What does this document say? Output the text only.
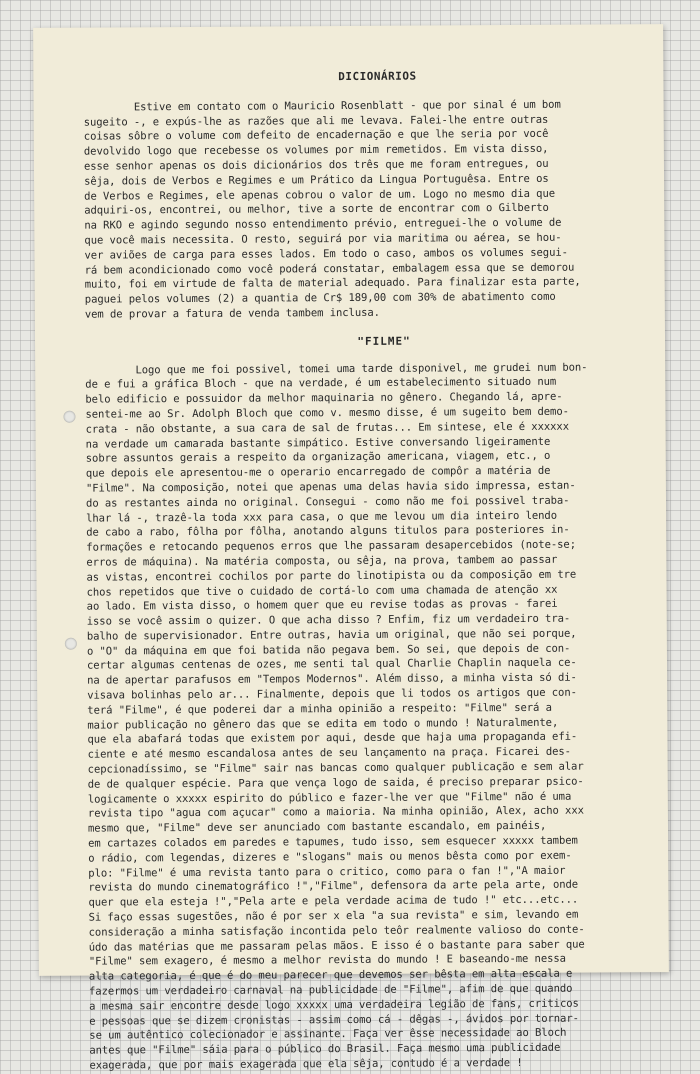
DICIONÁRIOS
Estive em contato com o Mauricio Rosenblatt - que por sinal é um bom
sugeito -, e expús-lhe as razões que ali me levava. Falei-lhe entre outras
coisas sôbre o volume com defeito de encadernação e que lhe seria por você
devolvido logo que recebesse os volumes por mim remetidos. Em vista disso,
esse senhor apenas os dois dicionários dos três que me foram entregues, ou
sêja, dois de Verbos e Regimes e um Prático da Lingua Portuguêsa. Entre os
de Verbos e Regimes, ele apenas cobrou o valor de um. Logo no mesmo dia que
adquiri-os, encontrei, ou melhor, tive a sorte de encontrar com o Gilberto
na RKO e agindo segundo nosso entendimento prévio, entreguei-lhe o volume de
que você mais necessita. O resto, seguirá por via maritima ou aérea, se hou-
ver aviões de carga para esses lados. Em todo o caso, ambos os volumes segui-
rá bem acondicionado como você poderá constatar, embalagem essa que se demorou
muito, foi em virtude de falta de material adequado. Para finalizar esta parte,
paguei pelos volumes (2) a quantia de Cr$ 189,00 com 30% de abatimento como
vem de provar a fatura de venda tambem inclusa.
"FILME"
Logo que me foi possivel, tomei uma tarde disponivel, me grudei num bon-
de e fui a gráfica Bloch - que na verdade, é um estabelecimento situado num
belo edificio e possuidor da melhor maquinaria no gênero. Chegando lá, apre-
sentei-me ao Sr. Adolph Bloch que como v. mesmo disse, é um sugeito bem demo-
crata - não obstante, a sua cara de sal de frutas... Em sintese, ele é xxxxxx
na verdade um camarada bastante simpático. Estive conversando ligeiramente
sobre assuntos gerais a respeito da organização americana, viagem, etc., o
que depois ele apresentou-me o operario encarregado de compôr a matéria de
"Filme". Na composição, notei que apenas uma delas havia sido impressa, estan-
do as restantes ainda no original. Consegui - como não me foi possivel traba-
lhar lá -, trazê-la toda xxx para casa, o que me levou um dia inteiro lendo
de cabo a rabo, fôlha por fôlha, anotando alguns titulos para posteriores in-
formações e retocando pequenos erros que lhe passaram desapercebidos (note-se;
erros de máquina). Na matéria composta, ou sêja, na prova, tambem ao passar
as vistas, encontrei cochilos por parte do linotipista ou da composição em tre
chos repetidos que tive o cuidado de cortá-lo com uma chamada de atenção xx
ao lado. Em vista disso, o homem quer que eu revise todas as provas - farei
isso se você assim o quizer. O que acha disso ? Enfim, fiz um verdadeiro tra-
balho de supervisionador. Entre outras, havia um original, que não sei porque,
o "O" da máquina em que foi batida não pegava bem. So sei, que depois de con-
certar algumas centenas de ozes, me senti tal qual Charlie Chaplin naquela ce-
na de apertar parafusos em "Tempos Modernos". Além disso, a minha vista só di-
visava bolinhas pelo ar... Finalmente, depois que li todos os artigos que con-
terá "Filme", é que poderei dar a minha opinião a respeito: "Filme" será a
maior publicação no gênero das que se edita em todo o mundo ! Naturalmente,
que ela abafará todas que existem por aqui, desde que haja uma propaganda efi-
ciente e até mesmo escandalosa antes de seu lançamento na praça. Ficarei des-
cepcionadíssimo, se "Filme" sair nas bancas como qualquer publicação e sem alar
de de qualquer espécie. Para que vença logo de saida, é preciso preparar psico-
logicamente o xxxxx espirito do público e fazer-lhe ver que "Filme" não é uma
revista tipo "agua com açucar" como a maioria. Na minha opinião, Alex, acho xxx
mesmo que, "Filme" deve ser anunciado com bastante escandalo, em painéis,
em cartazes colados em paredes e tapumes, tudo isso, sem esquecer xxxxx tambem
o rádio, com legendas, dizeres e "slogans" mais ou menos bêsta como por exem-
plo: "Filme" é uma revista tanto para o critico, como para o fan !","A maior
revista do mundo cinematográfico !","Filme", defensora da arte pela arte, onde
quer que ela esteja !","Pela arte e pela verdade acima de tudo !" etc...etc...
Si faço essas sugestões, não é por ser x ela "a sua revista" e sim, levando em
consideração a minha satisfação incontida pelo teôr realmente valioso do conte-
údo das matérias que me passaram pelas mãos. E isso é o bastante para saber que
"Filme" sem exagero, é mesmo a melhor revista do mundo ! E baseando-me nessa
alta categoria, é que é do meu parecer que devemos ser bêsta em alta escala e
fazermos um verdadeiro carnaval na publicidade de "Filme", afim de que quando
a mesma sair encontre desde logo xxxxx uma verdadeira legião de fans, criticos
e pessoas que se dizem cronistas - assim como cá - dêgas -, ávidos por tornar-
se um autêntico colecionador e assinante. Faça ver êsse necessidade ao Bloch
antes que "Filme" sáia para o público do Brasil. Faça mesmo uma publicidade
exagerada, que por mais exagerada que ela sêja, contudo é a verdade !
